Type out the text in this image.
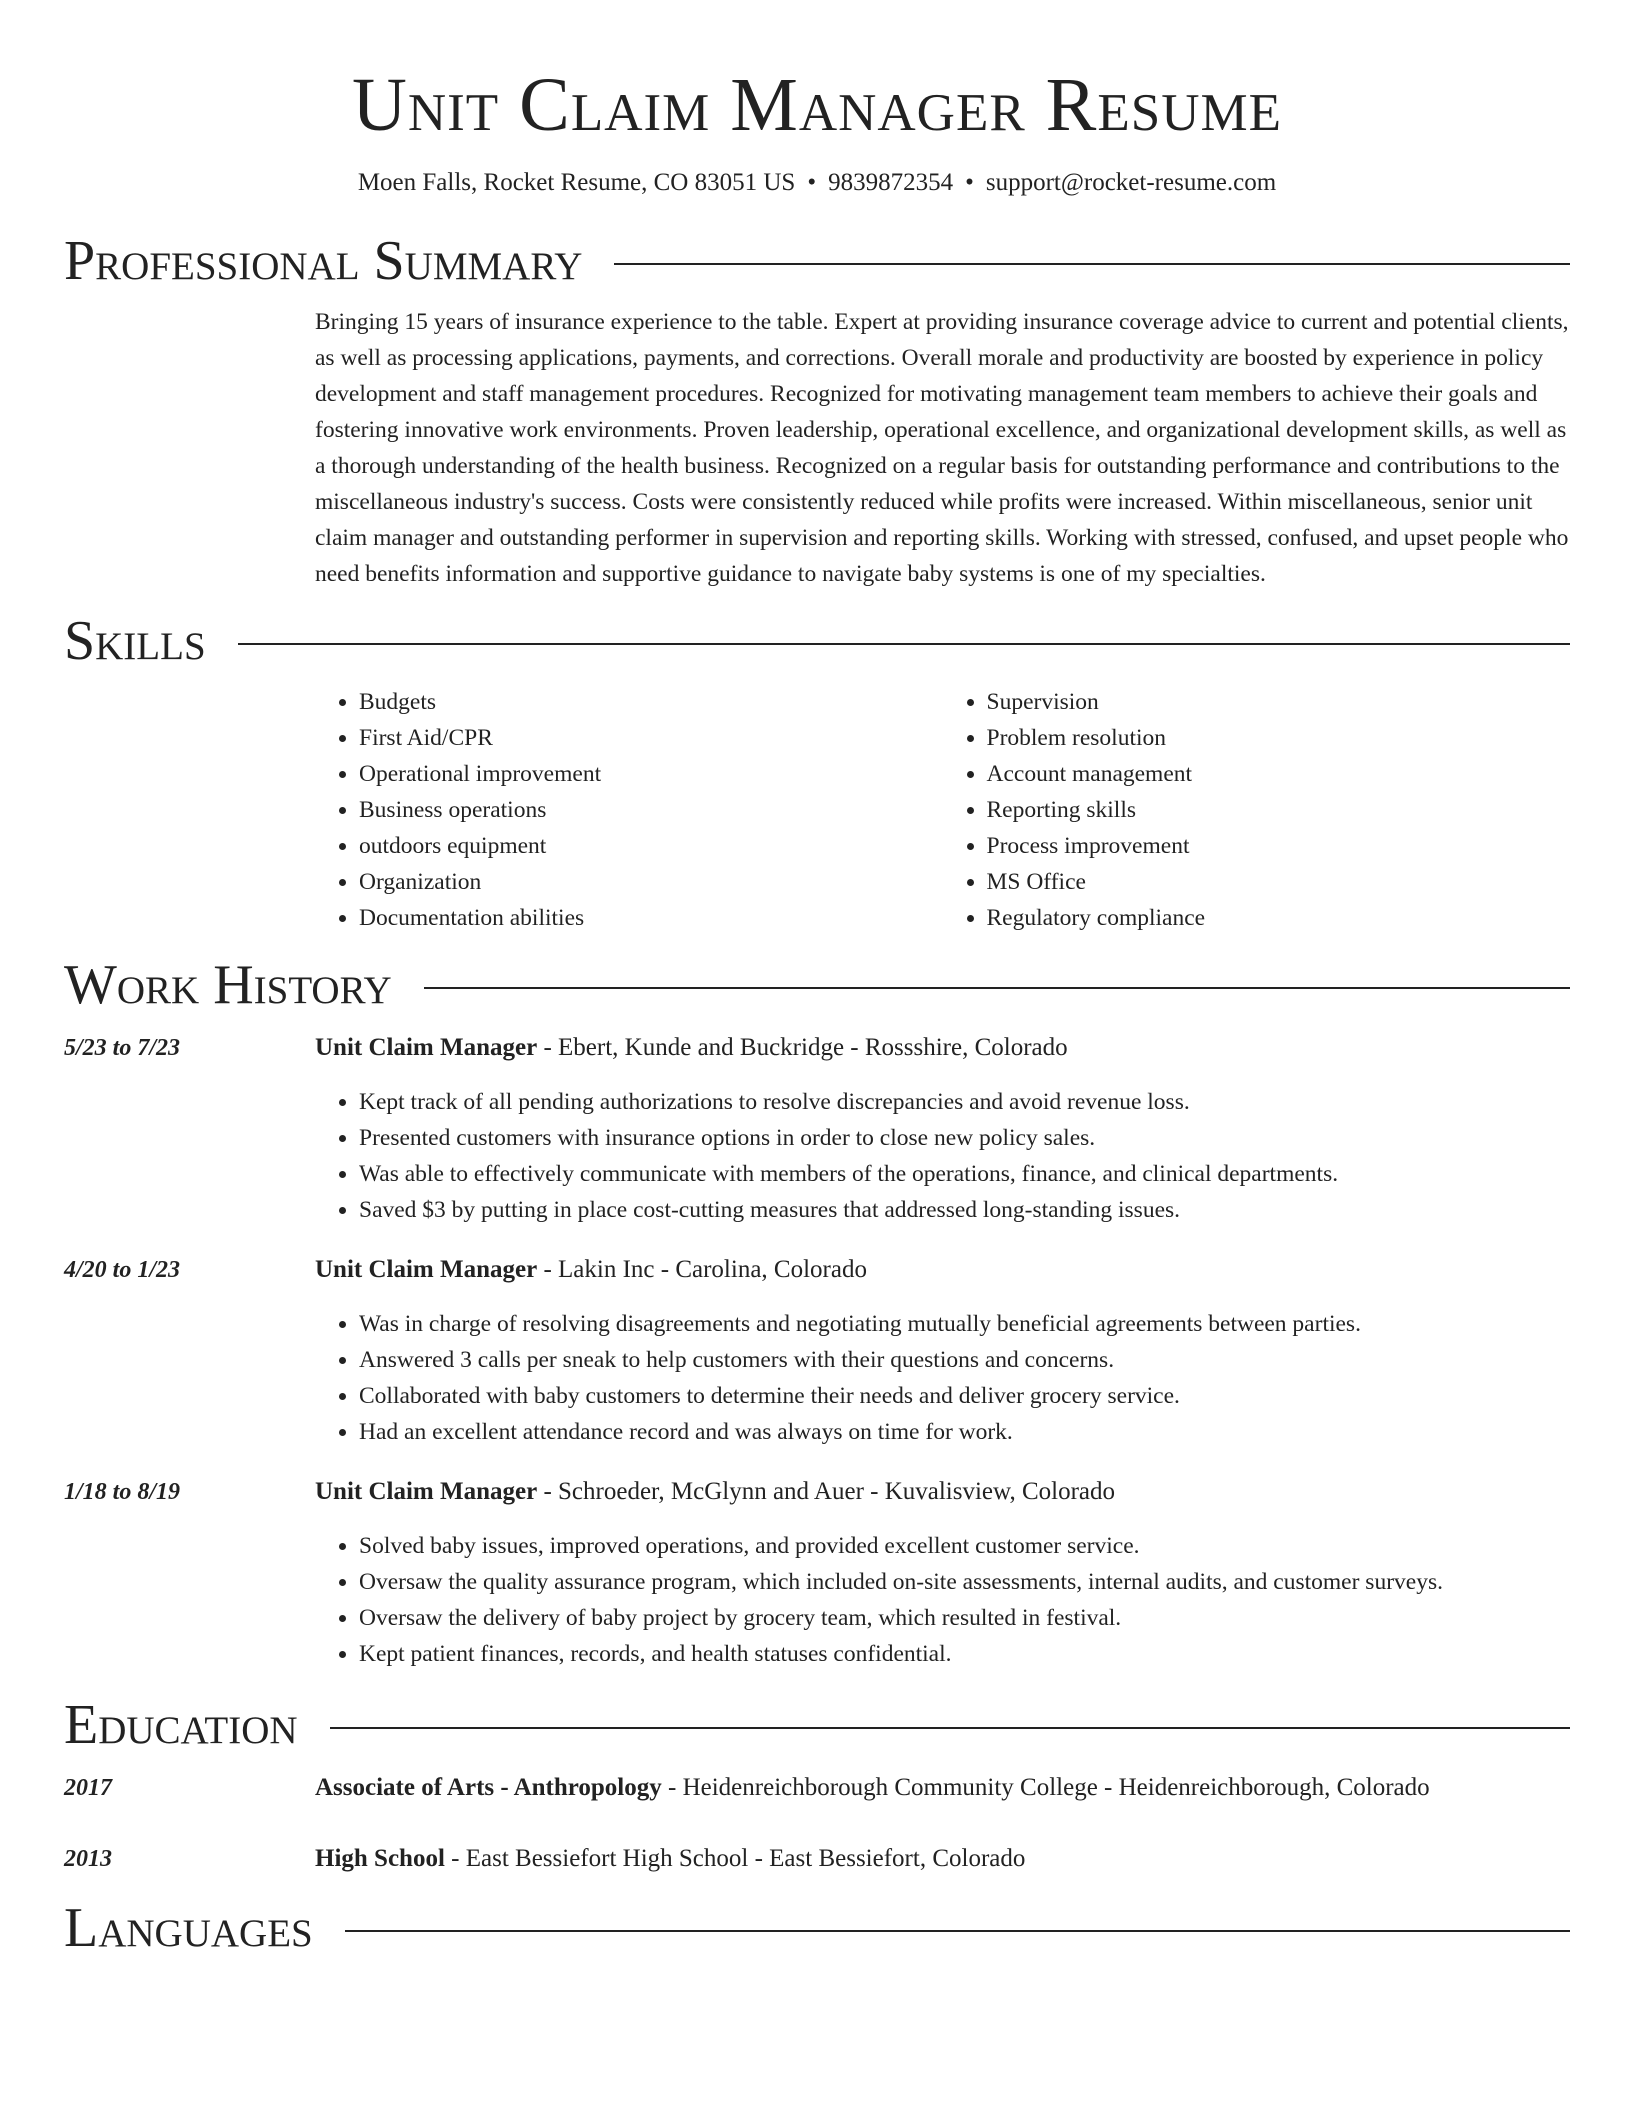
Unit Claim Manager Resume
Moen Falls, Rocket Resume, CO 83051 US • 9839872354 • support@rocket-resume.com
Professional Summary

Bringing 15 years of insurance experience to the table. Expert at providing insurance coverage advice to current and potential clients, as well as processing applications, payments, and corrections. Overall morale and productivity are boosted by experience in policy development and staff management procedures. Recognized for motivating management team members to achieve their goals and fostering innovative work environments. Proven leadership, operational excellence, and organizational development skills, as well as a thorough understanding of the health business. Recognized on a regular basis for outstanding performance and contributions to the miscellaneous industry's success. Costs were consistently reduced while profits were increased. Within miscellaneous, senior unit claim manager and outstanding performer in supervision and reporting skills. Working with stressed, confused, and upset people who need benefits information and supportive guidance to navigate baby systems is one of my specialties.

Skills
• Budgets
• First Aid/CPR
• Operational improvement
• Business operations
• outdoors equipment
• Organization
• Documentation abilities
• Supervision
• Problem resolution
• Account management
• Reporting skills
• Process improvement
• MS Office
• Regulatory compliance
Work History
5/23 to 7/23	Unit Claim Manager - Ebert, Kunde and Buckridge - Rossshire, Colorado
• Kept track of all pending authorizations to resolve discrepancies and avoid revenue loss.
• Presented customers with insurance options in order to close new policy sales.
• Was able to effectively communicate with members of the operations, finance, and clinical departments.
• Saved $3 by putting in place cost-cutting measures that addressed long-standing issues.
4/20 to 1/23	Unit Claim Manager - Lakin Inc - Carolina, Colorado
• Was in charge of resolving disagreements and negotiating mutually beneficial agreements between parties.
• Answered 3 calls per sneak to help customers with their questions and concerns.
• Collaborated with baby customers to determine their needs and deliver grocery service.
• Had an excellent attendance record and was always on time for work.
1/18 to 8/19	Unit Claim Manager - Schroeder, McGlynn and Auer - Kuvalisview, Colorado
• Solved baby issues, improved operations, and provided excellent customer service.
• Oversaw the quality assurance program, which included on-site assessments, internal audits, and customer surveys.
• Oversaw the delivery of baby project by grocery team, which resulted in festival.
• Kept patient finances, records, and health statuses confidential.
Education
2017	Associate of Arts - Anthropology - Heidenreichborough Community College - Heidenreichborough, Colorado
2013	High School - East Bessiefort High School - East Bessiefort, Colorado
Languages
